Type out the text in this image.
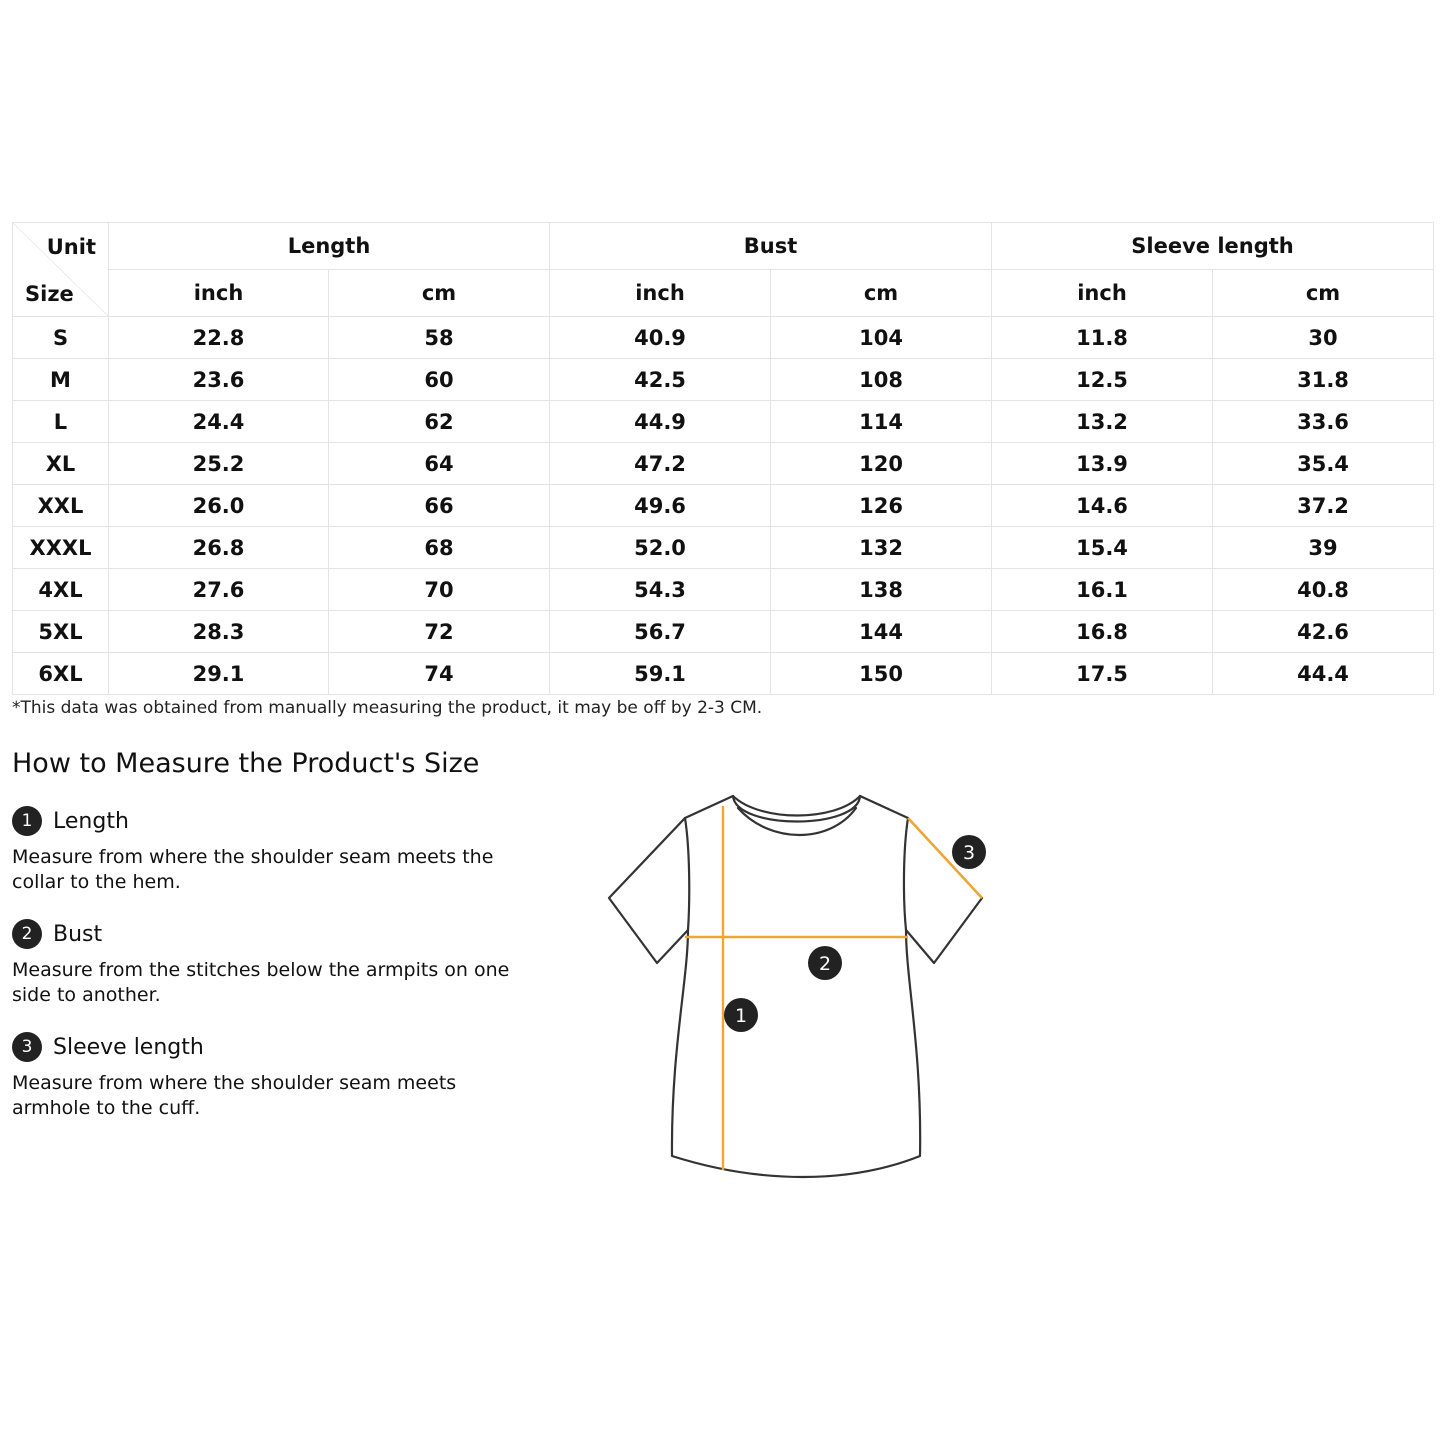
Unit
Size	Length		Bust		Sleeve length	
	inch	cm	inch	cm	inch	cm
S	22.8	58	40.9	104	11.8	30
M	23.6	60	42.5	108	12.5	31.8
L	24.4	62	44.9	114	13.2	33.6
XL	25.2	64	47.2	120	13.9	35.4
XXL	26.0	66	49.6	126	14.6	37.2
XXXL	26.8	68	52.0	132	15.4	39
4XL	27.6	70	54.3	138	16.1	40.8
5XL	28.3	72	56.7	144	16.8	42.6
6XL	29.1	74	59.1	150	17.5	44.4
*This data was obtained from manually measuring the product, it may be off by 2-3 CM.
How to Measure the Product's Size
1 Length
Measure from where the shoulder seam meets the collar to the hem.
2 Bust
Measure from the stitches below the armpits on one side to another.
3 Sleeve length
Measure from where the shoulder seam meets armhole to the cuff.
1
2
3
